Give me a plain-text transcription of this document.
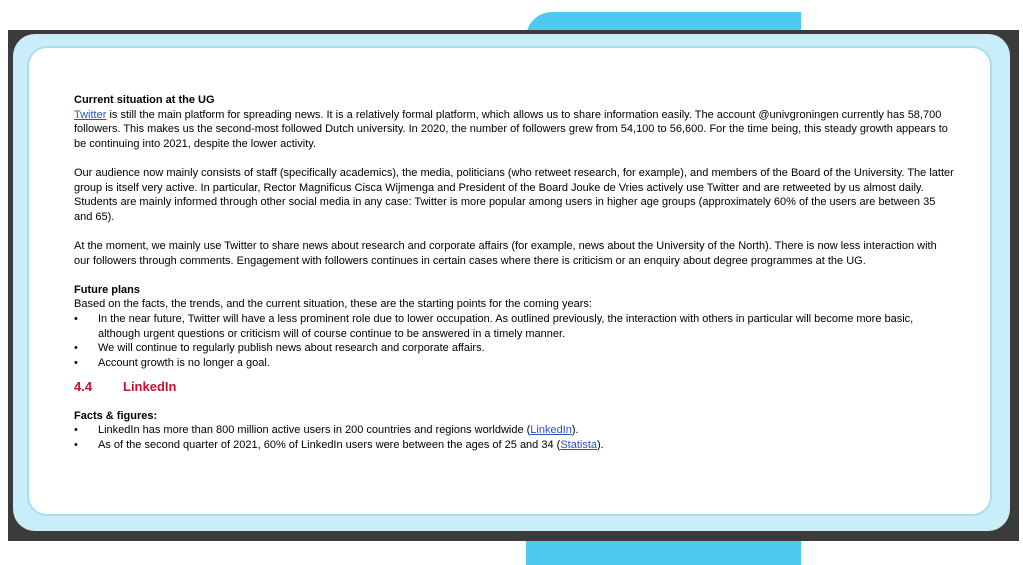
Current situation at the UG

Twitter is still the main platform for spreading news. It is a relatively formal platform, which allows us to share information easily. The account @univgroningen currently has 58,700 followers. This makes us the second-most followed Dutch university. In 2020, the number of followers grew from 54,100 to 56,600. For the time being, this steady growth appears to be continuing into 2021, despite the lower activity.

Our audience now mainly consists of staff (specifically academics), the media, politicians (who retweet research, for example), and members of the Board of the University. The latter group is itself very active. In particular, Rector Magnificus Cisca Wijmenga and President of the Board Jouke de Vries actively use Twitter and are retweeted by us almost daily. Students are mainly informed through other social media in any case: Twitter is more popular among users in higher age groups (approximately 60% of the users are between 35 and 65).

At the moment, we mainly use Twitter to share news about research and corporate affairs (for example, news about the University of the North). There is now less interaction with our followers through comments. Engagement with followers continues in certain cases where there is criticism or an enquiry about degree programmes at the UG.

Future plans

Based on the facts, the trends, and the current situation, these are the starting points for the coming years:

• In the near future, Twitter will have a less prominent role due to lower occupation. As outlined previously, the interaction with others in particular will become more basic, although urgent questions or criticism will of course continue to be answered in a timely manner.
• We will continue to regularly publish news about research and corporate affairs.
• Account growth is no longer a goal.
4.4	LinkedIn

Facts & figures:

• LinkedIn has more than 800 million active users in 200 countries and regions worldwide (LinkedIn).
• As of the second quarter of 2021, 60% of LinkedIn users were between the ages of 25 and 34 (Statista).
